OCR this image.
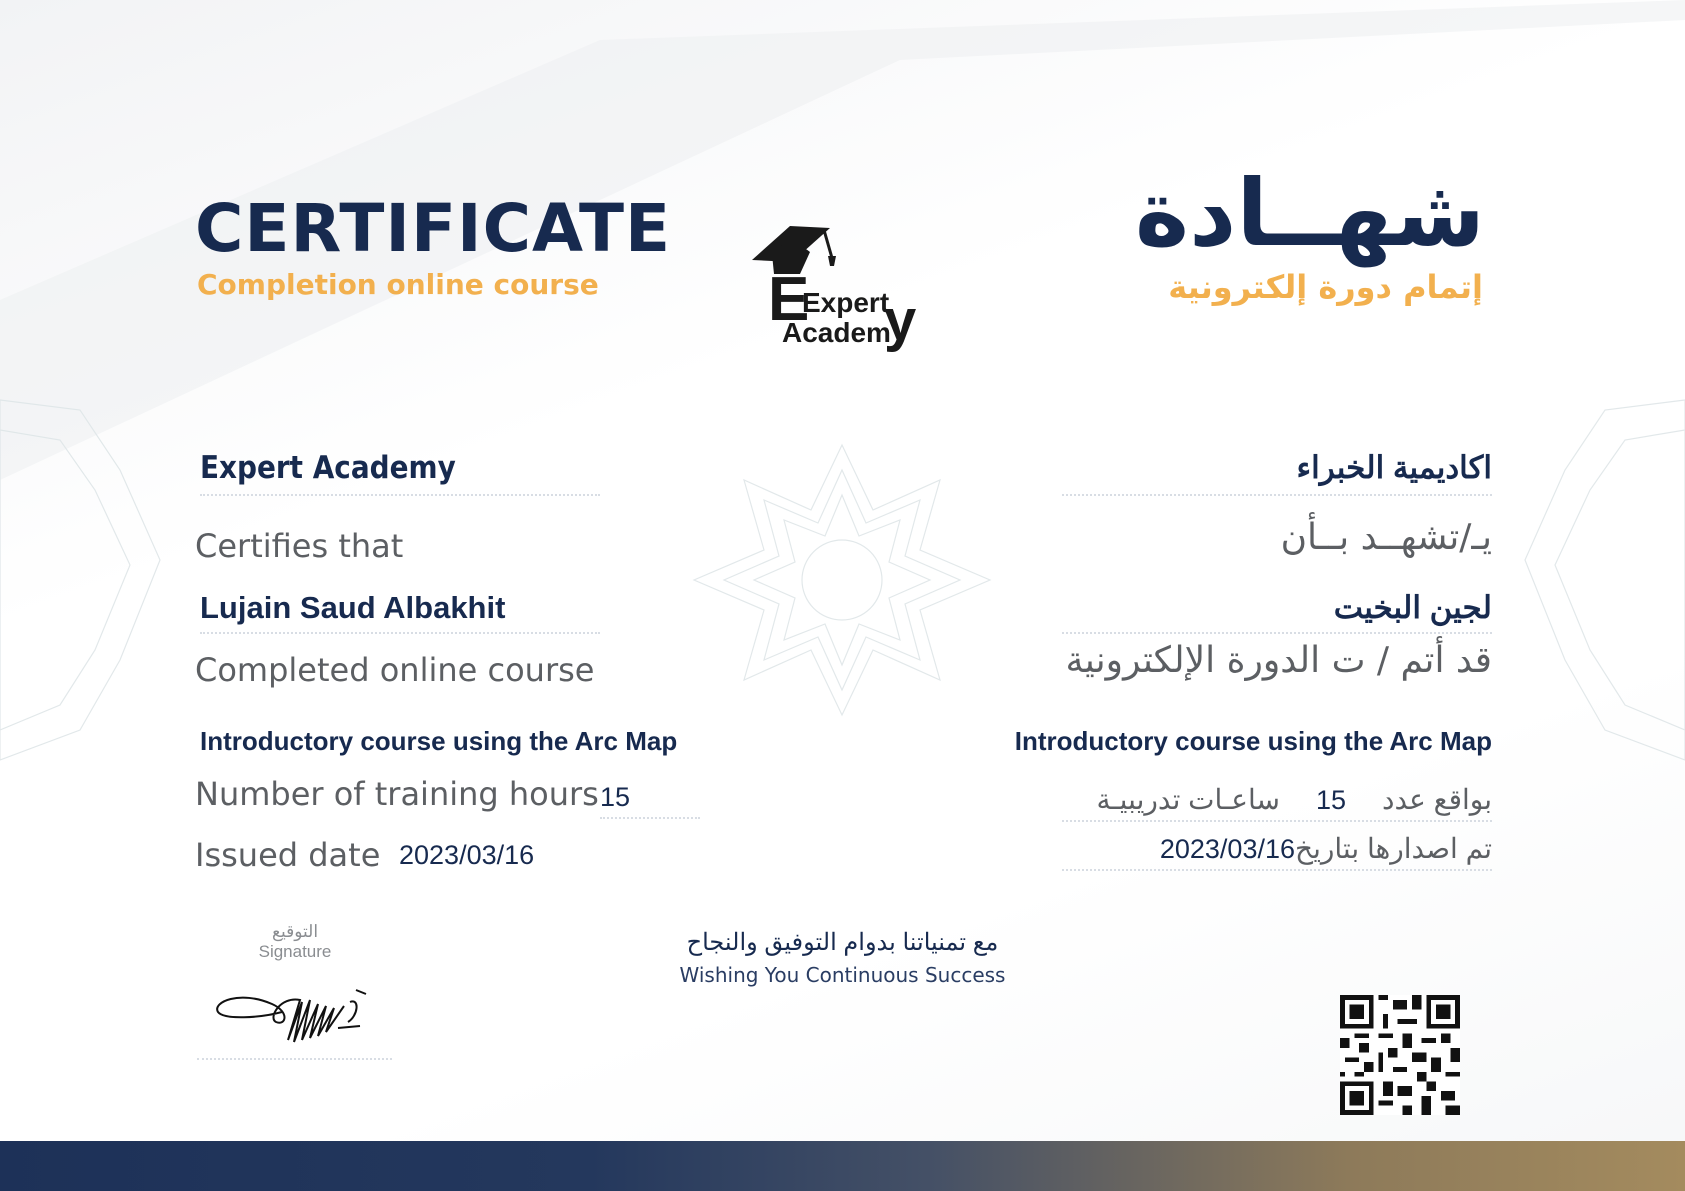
CERTIFICATE
Completion online course
شهــادة
إتمام دورة إلكترونية
E
Expert
Academ
y
Expert Academy	اكاديمية الخبراء
Certifies that	يـ/تشهــد بــأن
Lujain Saud Albakhit	لجين البخيت
Completed online course	قد أتم / ت الدورة الإلكترونية
Introductory course using the Arc Map	Introductory course using the Arc Map
Number of training hours 15	بواقع عدد15ساعـات تدريبيـة
Issued date 2023/03/16	تم اصدارها بتاريخ2023/03/16
التوقيع
Signature	مع تمنياتنا بدوام التوفيق والنجاح
Wishing You Continuous Success
